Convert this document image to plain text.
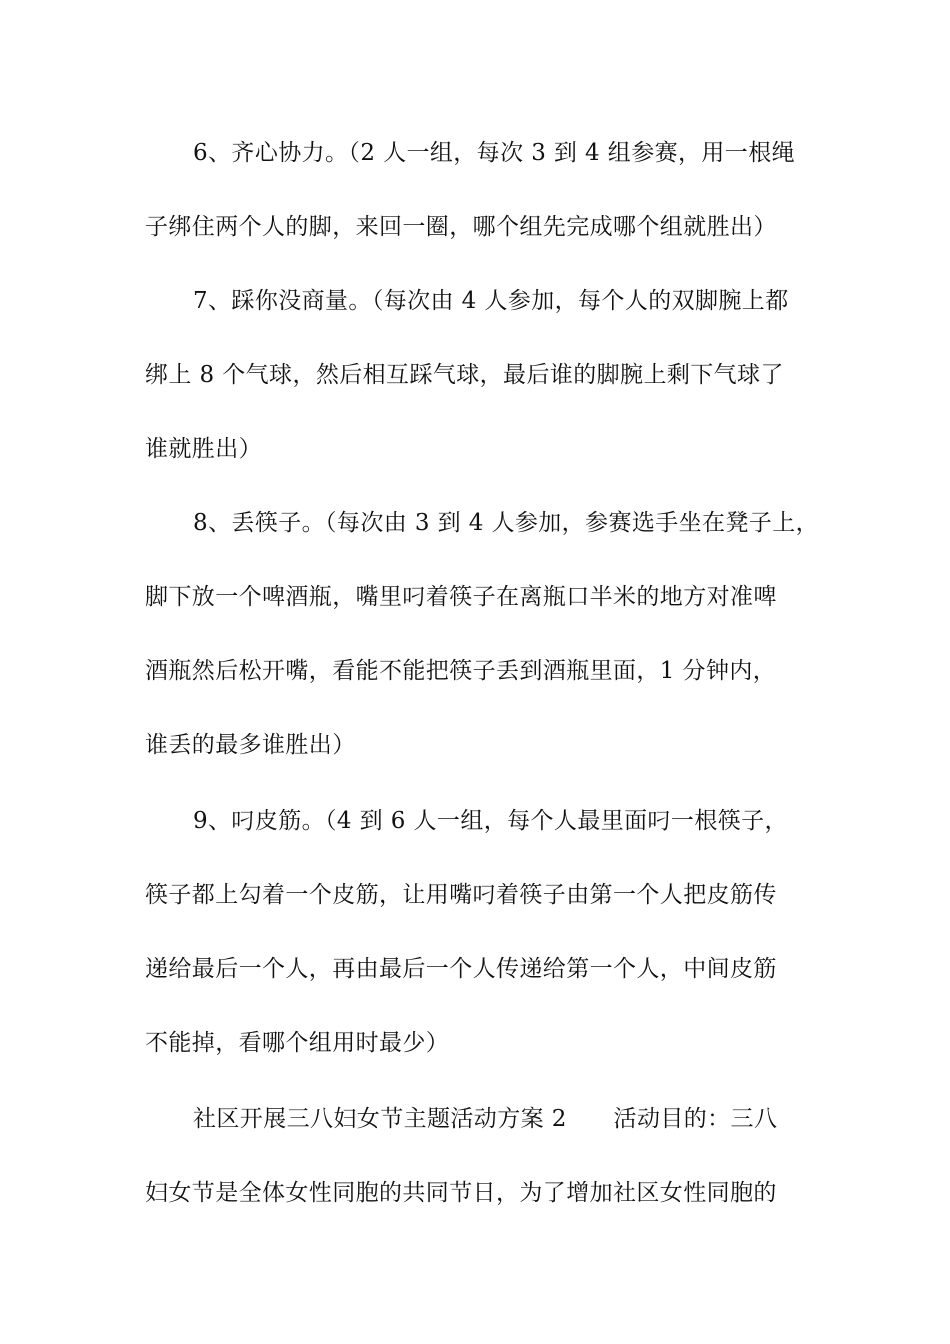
6、齐心协力。（2 人一组，每次 3 到 4 组参赛，用一根绳
子绑住两个人的脚，来回一圈，哪个组先完成哪个组就胜出）
7、踩你没商量。（每次由 4 人参加，每个人的双脚腕上都
绑上 8 个气球，然后相互踩气球，最后谁的脚腕上剩下气球了
谁就胜出）
8、丢筷子。（每次由 3 到 4 人参加，参赛选手坐在凳子上，
脚下放一个啤酒瓶，嘴里叼着筷子在离瓶口半米的地方对准啤
酒瓶然后松开嘴，看能不能把筷子丢到酒瓶里面，1 分钟内，
谁丢的最多谁胜出）
9、叼皮筋。（4 到 6 人一组，每个人最里面叼一根筷子，
筷子都上勾着一个皮筋，让用嘴叼着筷子由第一个人把皮筋传
递给最后一个人，再由最后一个人传递给第一个人，中间皮筋
不能掉，看哪个组用时最少）
社区开展三八妇女节主题活动方案 2　　活动目的：三八
妇女节是全体女性同胞的共同节日，为了增加社区女性同胞的
